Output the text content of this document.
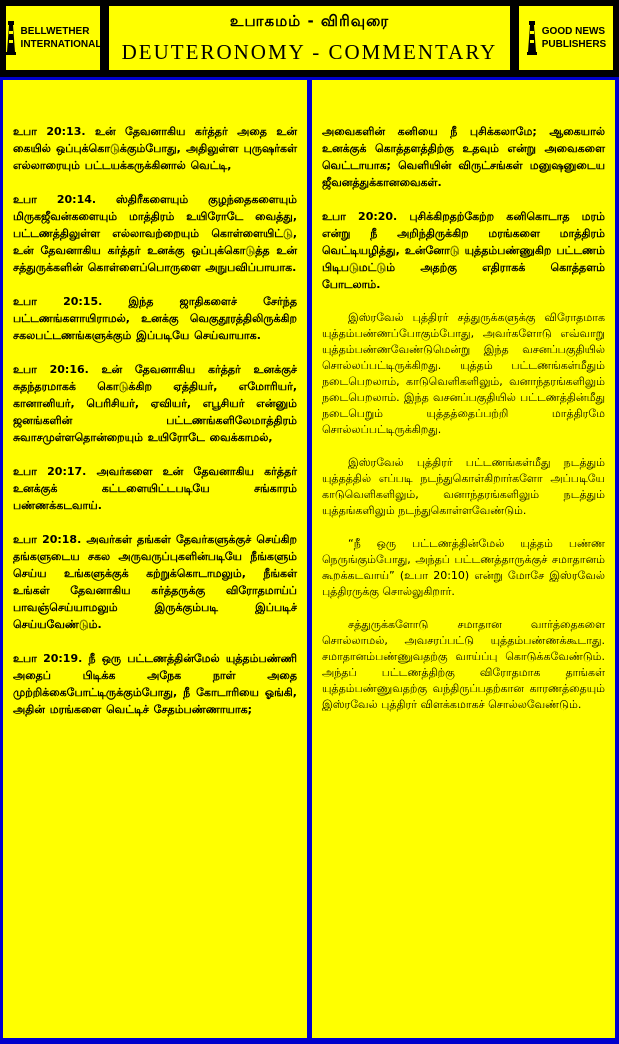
BELLWETHER
INTERNATIONAL
உபாகமம் - விரிவுரை
DEUTERONOMY - COMMENTARY
GOOD NEWS
PUBLISHERS

உபா 20:13. உன் தேவனாகிய கர்த்தர் அதை உன் கையில் ஒப்புக்கொடுக்கும்போது, அதிலுள்ள புருஷர்கள் எல்லாரையும் பட்டயக்கருக்கினால் வெட்டி,

உபா 20:14. ஸ்திரீகளையும் குழந்தைகளையும் மிருகஜீவன்களையும் மாத்திரம் உயிரோடே வைத்து, பட்டணத்திலுள்ள எல்லாவற்றையும் கொள்ளையிட்டு, உன் தேவனாகிய கர்த்தர் உனக்கு ஒப்புக்கொடுத்த உன் சத்துருக்களின் கொள்ளைப்பொருளை அநுபவிப்பாயாக.

உபா 20:15. இந்த ஜாதிகளைச் சேர்ந்த பட்டணங்களாயிராமல், உனக்கு வெகுதூரத்திலிருக்கிற சகலபட்டணங்களுக்கும் இப்படியே செய்வாயாக.

உபா 20:16. உன் தேவனாகிய கர்த்தர் உனக்குச் சுதந்தரமாகக் கொடுக்கிற ஏத்தியர், எமோரியர், கானானியர், பெரிசியர், ஏவியர், எபூசியர் என்னும் ஜனங்களின் பட்டணங்களிலேமாத்திரம் சுவாசமுள்ளதொன்றையும் உயிரோடே வைக்காமல்,

உபா 20:17. அவர்களை உன் தேவனாகிய கர்த்தர் உனக்குக் கட்டளையிட்டபடியே சங்காரம் பண்ணக்கடவாய்.

உபா 20:18. அவர்கள் தங்கள் தேவர்களுக்குச் செய்கிற தங்களுடைய சகல அருவருப்புகளின்படியே நீங்களும் செய்ய உங்களுக்குக் கற்றுக்கொடாமலும், நீங்கள் உங்கள் தேவனாகிய கர்த்தருக்கு விரோதமாய்ப் பாவஞ்செய்யாமலும் இருக்கும்படி இப்படிச் செய்யவேண்டும்.

உபா 20:19. நீ ஒரு பட்டணத்தின்மேல் யுத்தம்பண்ணி அதைப் பிடிக்க அநேக நாள் அதை முற்றிக்கைபோட்டிருக்கும்போது, நீ கோடாரியை ஓங்கி, அதின் மரங்களை வெட்டிச் சேதம்பண்ணாயாக;

அவைகளின் கனியை நீ புசிக்கலாமே; ஆகையால் உனக்குக் கொத்தளத்திற்கு உதவும் என்று அவைகளை வெட்டாயாக; வெளியின் விருட்சங்கள் மனுஷனுடைய ஜீவனத்துக்கானவைகள்.

உபா 20:20. புசிக்கிறதற்கேற்ற கனிகொடாத மரம் என்று நீ அறிந்திருக்கிற மரங்களை மாத்திரம் வெட்டியழித்து, உன்னோடு யுத்தம்பண்ணுகிற பட்டணம் பிடிபடுமட்டும் அதற்கு எதிராகக் கொத்தளம் போடலாம்.

இஸ்ரவேல் புத்திரர் சத்துருக்களுக்கு விரோதமாக யுத்தம்பண்ணப்போகும்போது, அவர்களோடு எவ்வாறு யுத்தம்பண்ணவேண்டுமென்று இந்த வசனப்பகுதியில் சொல்லப்பட்டிருக்கிறது. யுத்தம் பட்டணங்கள்மீதும் நடைபெறலாம், காடுவெளிகளிலும், வனாந்தரங்களிலும் நடைபெறலாம். இந்த வசனப்பகுதியில் பட்டணத்தின்மீது நடைபெறும் யுத்தத்தைப்பற்றி மாத்திரமே சொல்லப்பட்டிருக்கிறது.

இஸ்ரவேல் புத்திரர் பட்டணங்கள்மீது நடத்தும் யுத்தத்தில் எப்படி நடந்துகொள்கிறார்களோ அப்படியே காடுவெளிகளிலும், வனாந்தரங்களிலும் நடத்தும் யுத்தங்களிலும் நடந்துகொள்ளவேண்டும்.

“நீ ஒரு பட்டணத்தின்மேல் யுத்தம் பண்ண நெருங்கும்போது, அந்தப் பட்டணத்தாருக்குச் சமாதானம் கூறக்கடவாய்” (உபா 20:10) என்று மோசே இஸ்ரவேல் புத்திரருக்கு சொல்லுகிறார்.

சத்துருக்களோடு சமாதான வார்த்தைகளை சொல்லாமல், அவசரப்பட்டு யுத்தம்பண்ணக்கூடாது. சமாதானம்பண்ணுவதற்கு வாய்ப்பு கொடுக்கவேண்டும். அந்தப் பட்டணத்திற்கு விரோதமாக தாங்கள் யுத்தம்பண்ணுவதற்கு வந்திருப்பதற்கான காரணத்தையும் இஸ்ரவேல் புத்திரர் விளக்கமாகச் சொல்லவேண்டும்.
